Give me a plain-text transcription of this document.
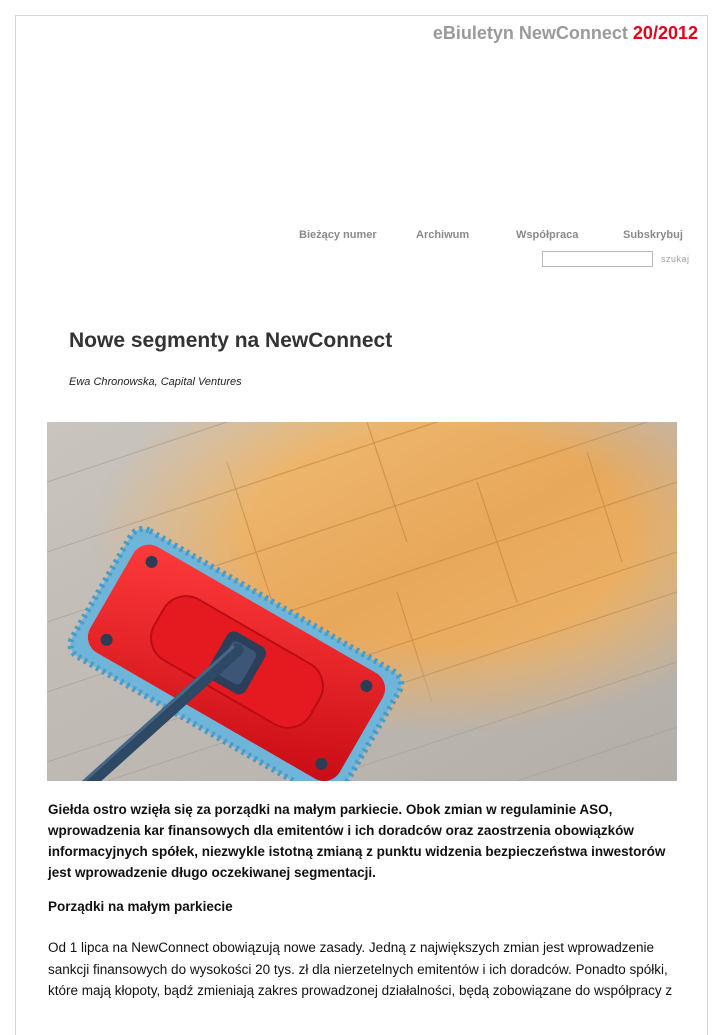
eBiuletyn NewConnect 20/2012
Bieżący numer	Archiwum	Współpraca	Subskrybuj
szukaj
Nowe segmenty na NewConnect
Ewa Chronowska, Capital Ventures

Giełda ostro wzięła się za porządki na małym parkiecie. Obok zmian w regulaminie ASO, wprowadzenia kar finansowych dla emitentów i ich doradców oraz zaostrzenia obowiązków informacyjnych spółek, niezwykle istotną zmianą z punktu widzenia bezpieczeństwa inwestorów jest wprowadzenie długo oczekiwanej segmentacji.

Porządki na małym parkiecie

Od 1 lipca na NewConnect obowiązują nowe zasady. Jedną z największych zmian jest wprowadzenie sankcji finansowych do wysokości 20 tys. zł dla nierzetelnych emitentów i ich doradców. Ponadto spółki, które mają kłopoty, bądź zmieniają zakres prowadzonej działalności, będą zobowiązane do współpracy z
